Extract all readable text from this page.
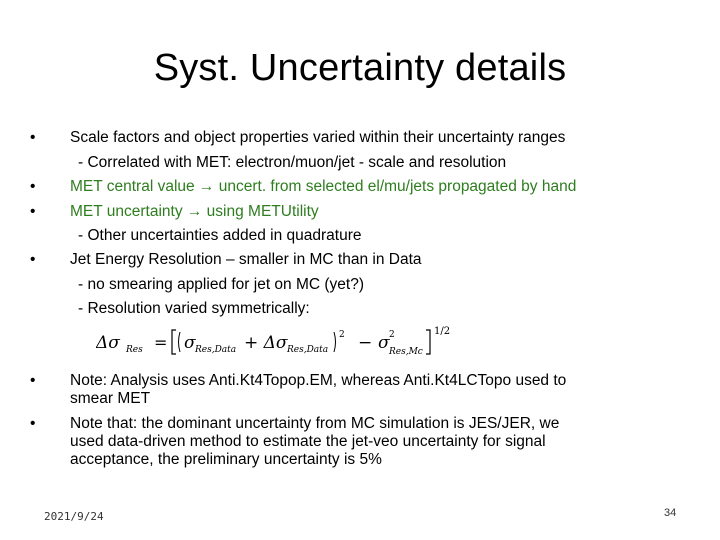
Syst. Uncertainty details
• Scale factors and object properties varied within their uncertainty ranges
- Correlated with MET: electron/muon/jet - scale and resolution
• MET central value → uncert. from selected el/mu/jets propagated by hand
• MET uncertainty → using METUtility
- Other uncertainties added in quadrature
• Jet Energy Resolution – smaller in MC than in Data
- no smearing applied for jet on MC (yet?)
- Resolution varied symmetrically:
Δσ Res = σ Res,Data + Δσ Res,Data
2 − σ 2
Res,Mc
1/2
• Note: Analysis uses Anti.Kt4Topop.EM, whereas Anti.Kt4LCTopo used to
smear MET
• Note that: the dominant uncertainty from MC simulation is JES/JER, we
used data-driven method to estimate the jet-veo uncertainty for signal
acceptance, the preliminary uncertainty is 5%
2021/9/24	34
